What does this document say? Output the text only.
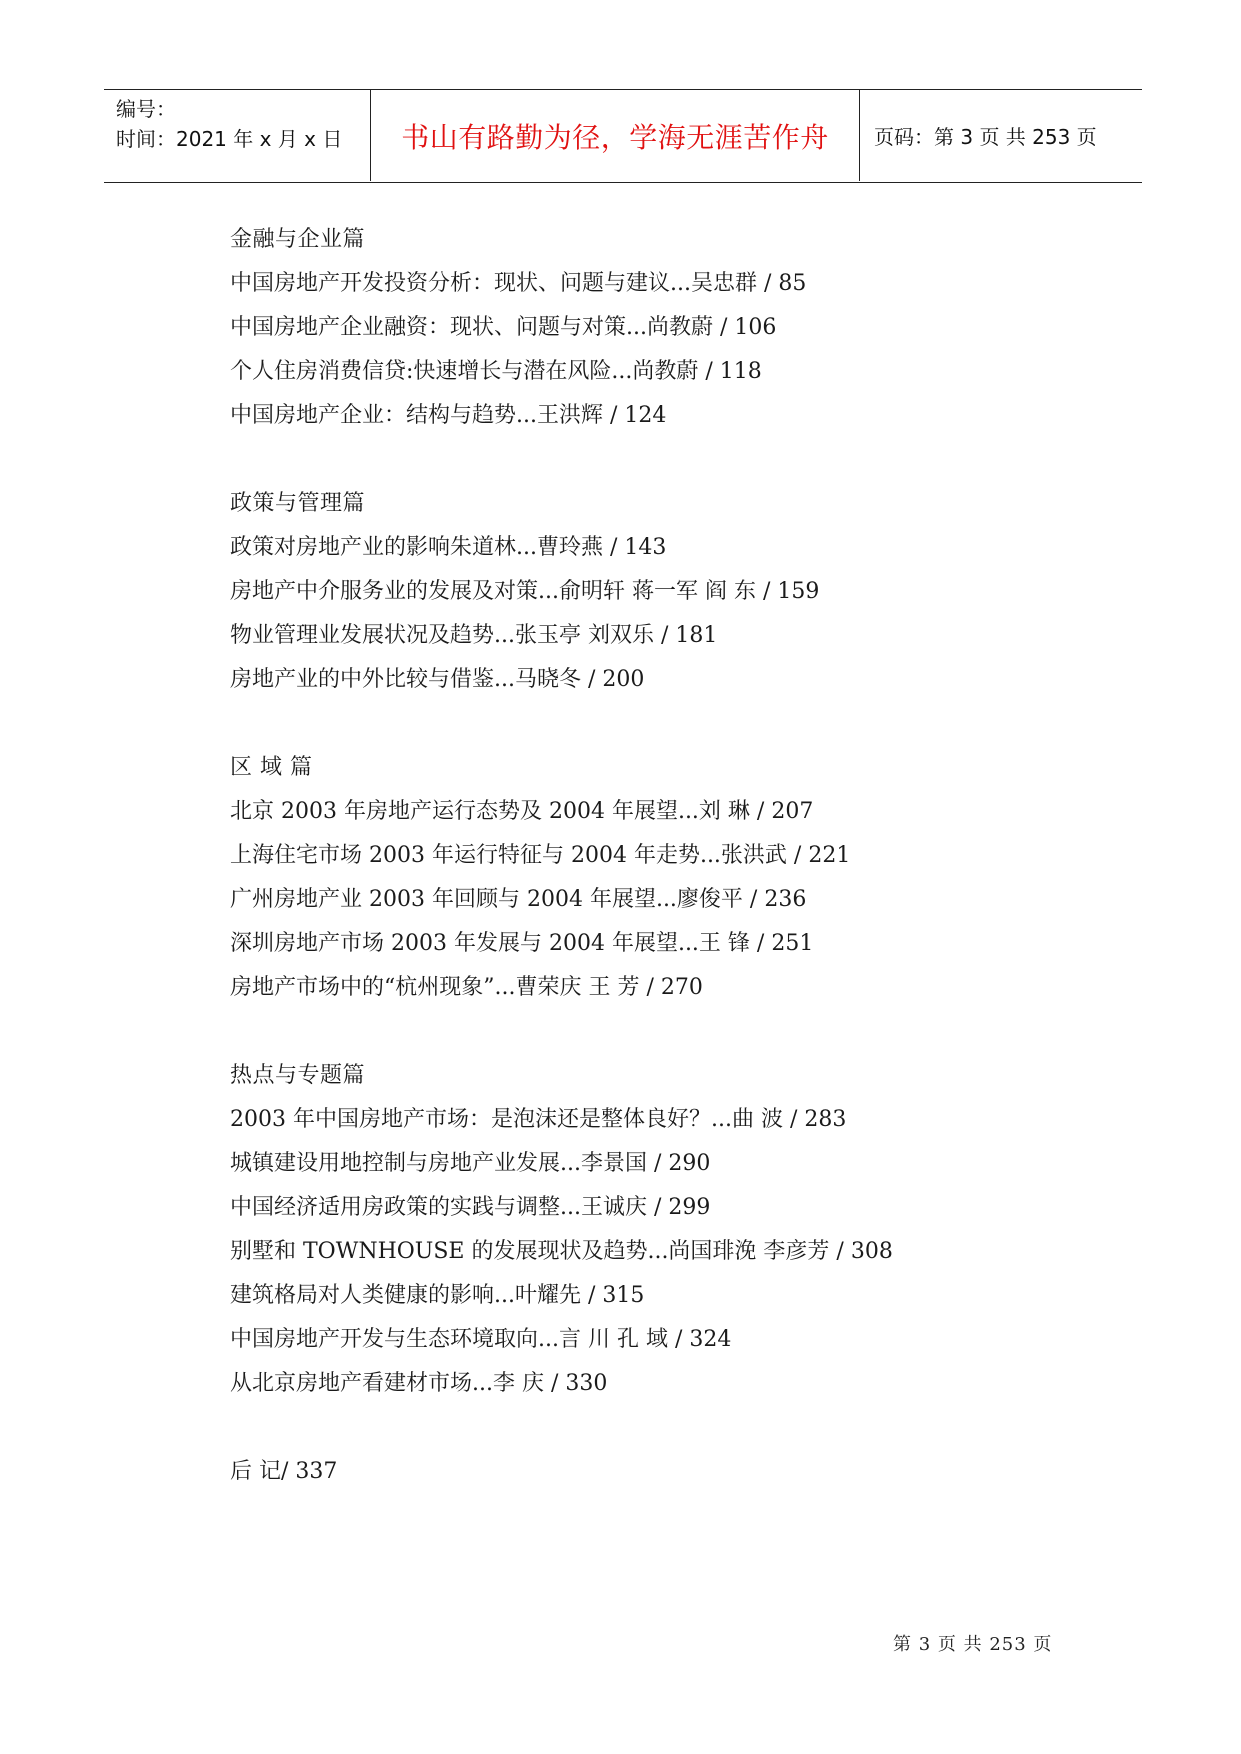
编号：
时间：2021 年 x 月 x 日	书山有路勤为径，学海无涯苦作舟 页码：第 3 页 共 253 页
金融与企业篇
中国房地产开发投资分析：现状、问题与建议...吴忠群 / 85
中国房地产企业融资：现状、问题与对策...尚教蔚 / 106
个人住房消费信贷:快速增长与潜在风险...尚教蔚 / 118
中国房地产企业：结构与趋势...王洪辉 / 124
政策与管理篇
政策对房地产业的影响朱道林...曹玲燕 / 143
房地产中介服务业的发展及对策...俞明轩 蒋一军 阎 东 / 159
物业管理业发展状况及趋势...张玉亭 刘双乐 / 181
房地产业的中外比较与借鉴...马晓冬 / 200
区 域 篇
北京 2003 年房地产运行态势及 2004 年展望...刘 琳 / 207
上海住宅市场 2003 年运行特征与 2004 年走势...张洪武 / 221
广州房地产业 2003 年回顾与 2004 年展望...廖俊平 / 236
深圳房地产市场 2003 年发展与 2004 年展望...王 锋 / 251
房地产市场中的“杭州现象”...曹荣庆 王 芳 / 270
热点与专题篇
2003 年中国房地产市场：是泡沫还是整体良好？...曲 波 / 283
城镇建设用地控制与房地产业发展...李景国 / 290
中国经济适用房政策的实践与调整...王诚庆 / 299
别墅和 TOWNHOUSE 的发展现状及趋势...尚国琲浼 李彦芳 / 308
建筑格局对人类健康的影响...叶耀先 / 315
中国房地产开发与生态环境取向...言 川 孔 域 / 324
从北京房地产看建材市场...李 庆 / 330
后 记/ 337
第 3 页 共 253 页
